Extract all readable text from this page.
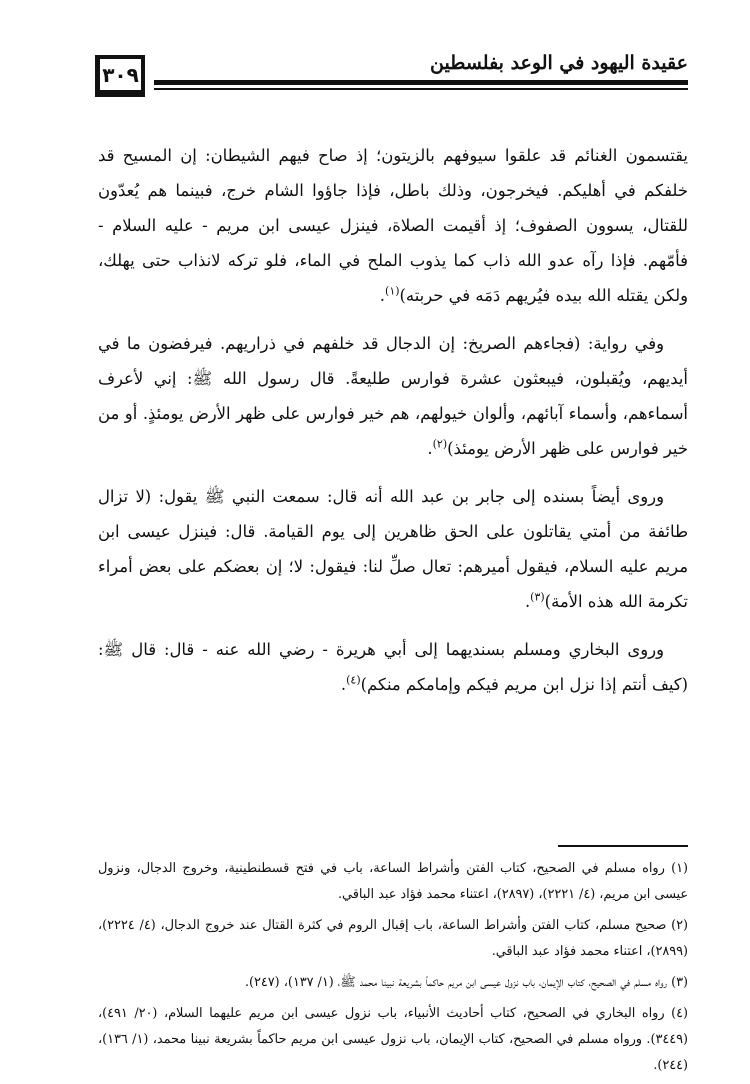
عقيدة اليهود في الوعد بفلسطين
٣٠٩

يقتسمون الغنائم قد علقوا سيوفهم بالزيتون؛ إذ صاح فيهم الشيطان: إن المسيح قد خلفكم في أهليكم. فيخرجون، وذلك باطل، فإذا جاؤوا الشام خرج، فبينما هم يُعدّون للقتال، يسوون الصفوف؛ إذ أقيمت الصلاة، فينزل عيسى ابن مريم - عليه السلام - فأمّهم. فإذا رآه عدو الله ذاب كما يذوب الملح في الماء، فلو تركه لانذاب حتى يهلك، ولكن يقتله الله بيده فيُريهم دَمَه في حربته)$^{(١)}$.

وفي رواية: (فجاءهم الصريخ: إن الدجال قد خلفهم في ذراريهم. فيرفضون ما في أيديهم، ويُقبلون، فيبعثون عشرة فوارس طليعةً. قال رسول الله ﷺ: إني لأعرف أسماءهم، وأسماء آبائهم، وألوان خيولهم، هم خير فوارس على ظهر الأرض يومئذٍ. أو من خير فوارس على ظهر الأرض يومئذ)$^{(٢)}$.

وروى أيضاً بسنده إلى جابر بن عبد الله أنه قال: سمعت النبي ﷺ يقول: (لا تزال طائفة من أمتي يقاتلون على الحق ظاهرين إلى يوم القيامة. قال: فينزل عيسى ابن مريم عليه السلام، فيقول أميرهم: تعال صلِّ لنا: فيقول: لا؛ إن بعضكم على بعض أمراء تكرمة الله هذه الأمة)$^{(٣)}$.

وروى البخاري ومسلم بسنديهما إلى أبي هريرة - رضي الله عنه - قال: قال ﷺ: (كيف أنتم إذا نزل ابن مريم فيكم وإمامكم منكم)$^{(٤)}$.

(١) رواه مسلم في الصحيح، كتاب الفتن وأشراط الساعة، باب في فتح قسطنطينية، وخروج الدجال، ونزول عيسى ابن مريم، (٤/ ٢٢٢١)، (٢٨٩٧)، اعتناء محمد فؤاد عبد الباقي.

(٢) صحيح مسلم، كتاب الفتن وأشراط الساعة، باب إقبال الروم في كثرة القتال عند خروج الدجال، (٤/ ٢٢٢٤)، (٢٨٩٩)، اعتناء محمد فؤاد عبد الباقي.

(٣) رواه مسلم في الصحيح، كتاب الإيمان، باب نزول عيسى ابن مريم حاكماً بشريعة نبينا محمد ﷺ، (١/ ١٣٧)، (٢٤٧).

(٤) رواه البخاري في الصحيح، كتاب أحاديث الأنبياء، باب نزول عيسى ابن مريم عليهما السلام، (٢٠/ ٤٩١)، (٣٤٤٩). ورواه مسلم في الصحيح، كتاب الإيمان، باب نزول عيسى ابن مريم حاكماً بشريعة نبينا محمد، (١/ ١٣٦)، (٢٤٤).
